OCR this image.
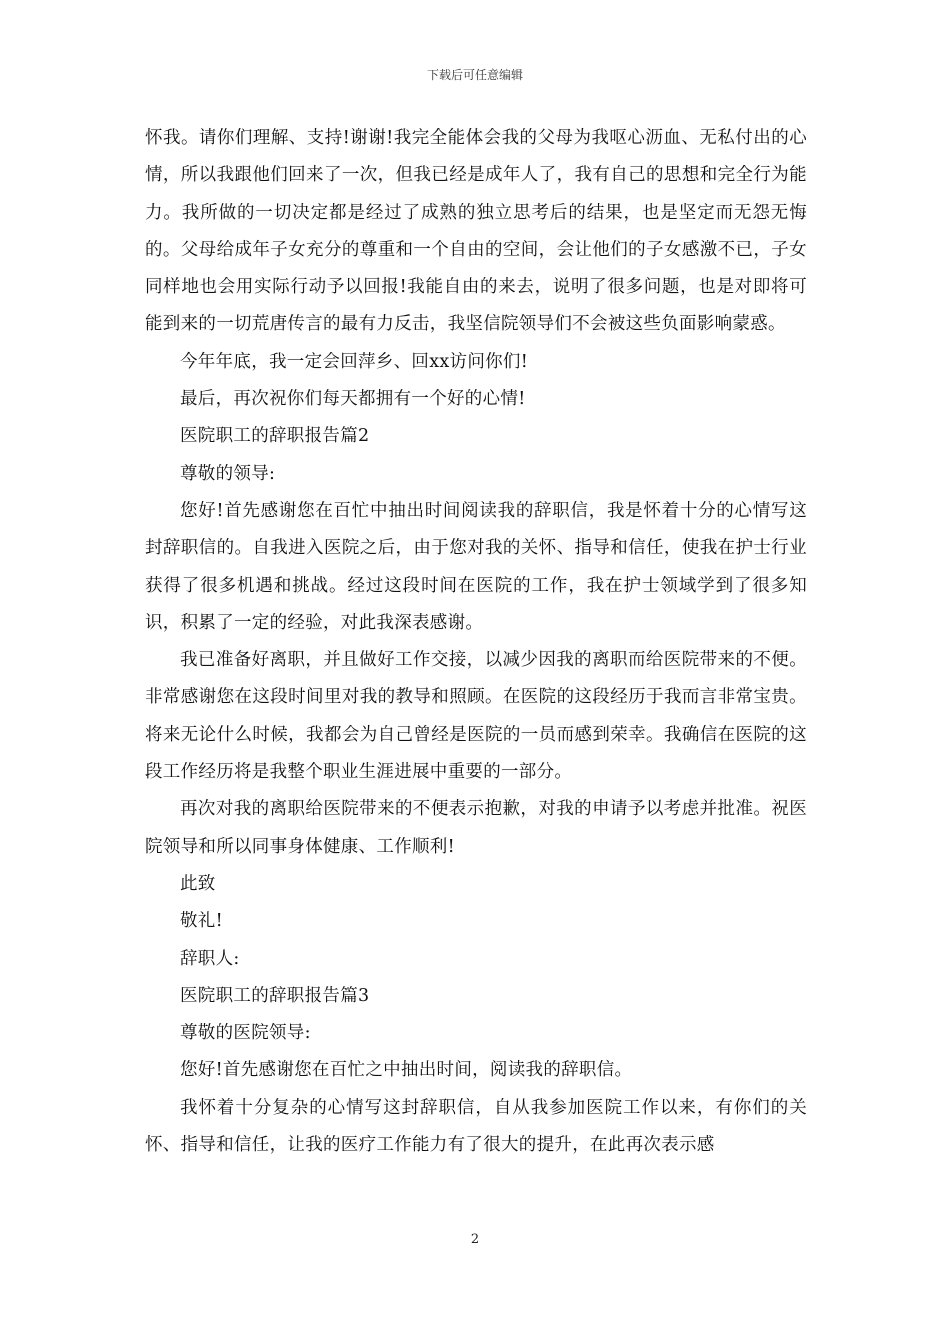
下载后可任意编辑

怀我。请你们理解、支持!谢谢!我完全能体会我的父母为我呕心沥血、无私付出的心情，所以我跟他们回来了一次，但我已经是成年人了，我有自己的思想和完全行为能力。我所做的一切决定都是经过了成熟的独立思考后的结果，也是坚定而无怨无悔的。父母给成年子女充分的尊重和一个自由的空间，会让他们的子女感激不已，子女同样地也会用实际行动予以回报!我能自由的来去，说明了很多问题，也是对即将可能到来的一切荒唐传言的最有力反击，我坚信院领导们不会被这些负面影响蒙惑。

今年年底，我一定会回萍乡、回xx访问你们!

最后，再次祝你们每天都拥有一个好的心情!

医院职工的辞职报告篇2

尊敬的领导:

您好!首先感谢您在百忙中抽出时间阅读我的辞职信，我是怀着十分的心情写这封辞职信的。自我进入医院之后，由于您对我的关怀、指导和信任，使我在护士行业获得了很多机遇和挑战。经过这段时间在医院的工作，我在护士领域学到了很多知识，积累了一定的经验，对此我深表感谢。

我已准备好离职，并且做好工作交接，以减少因我的离职而给医院带来的不便。非常感谢您在这段时间里对我的教导和照顾。在医院的这段经历于我而言非常宝贵。将来无论什么时候，我都会为自己曾经是医院的一员而感到荣幸。我确信在医院的这段工作经历将是我整个职业生涯进展中重要的一部分。

再次对我的离职给医院带来的不便表示抱歉，对我的申请予以考虑并批准。祝医院领导和所以同事身体健康、工作顺利!

此致

敬礼!

辞职人:

医院职工的辞职报告篇3

尊敬的医院领导:

您好!首先感谢您在百忙之中抽出时间，阅读我的辞职信。

我怀着十分复杂的心情写这封辞职信，自从我参加医院工作以来，有你们的关怀、指导和信任，让我的医疗工作能力有了很大的提升，在此再次表示感

2
